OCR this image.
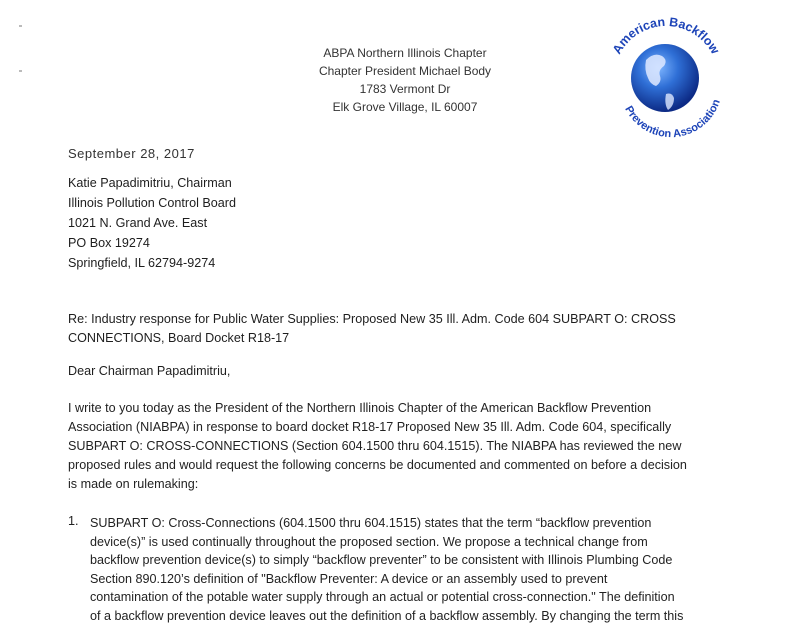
ABPA Northern Illinois Chapter
Chapter President Michael Body
1783 Vermont Dr
Elk Grove Village, IL 60007
American Backflow
Prevention Association
September 28, 2017
Katie Papadimitriu, Chairman
Illinois Pollution Control Board
1021 N. Grand Ave. East
PO Box 19274
Springfield, IL 62794-9274
Re: Industry response for Public Water Supplies: Proposed New 35 Ill. Adm. Code 604 SUBPART O: CROSS
CONNECTIONS, Board Docket R18-17
Dear Chairman Papadimitriu,
I write to you today as the President of the Northern Illinois Chapter of the American Backflow Prevention
Association (NIABPA) in response to board docket R18-17 Proposed New 35 Ill. Adm. Code 604, specifically
SUBPART O: CROSS-CONNECTIONS (Section 604.1500 thru 604.1515). The NIABPA has reviewed the new
proposed rules and would request the following concerns be documented and commented on before a decision
is made on rulemaking:
1. SUBPART O: Cross-Connections (604.1500 thru 604.1515) states that the term “backflow prevention
device(s)” is used continually throughout the proposed section. We propose a technical change from
backflow prevention device(s) to simply “backflow preventer” to be consistent with Illinois Plumbing Code
Section 890.120’s definition of "Backflow Preventer: A device or an assembly used to prevent
contamination of the potable water supply through an actual or potential cross-connection." The definition
of a backflow prevention device leaves out the definition of a backflow assembly. By changing the term this
